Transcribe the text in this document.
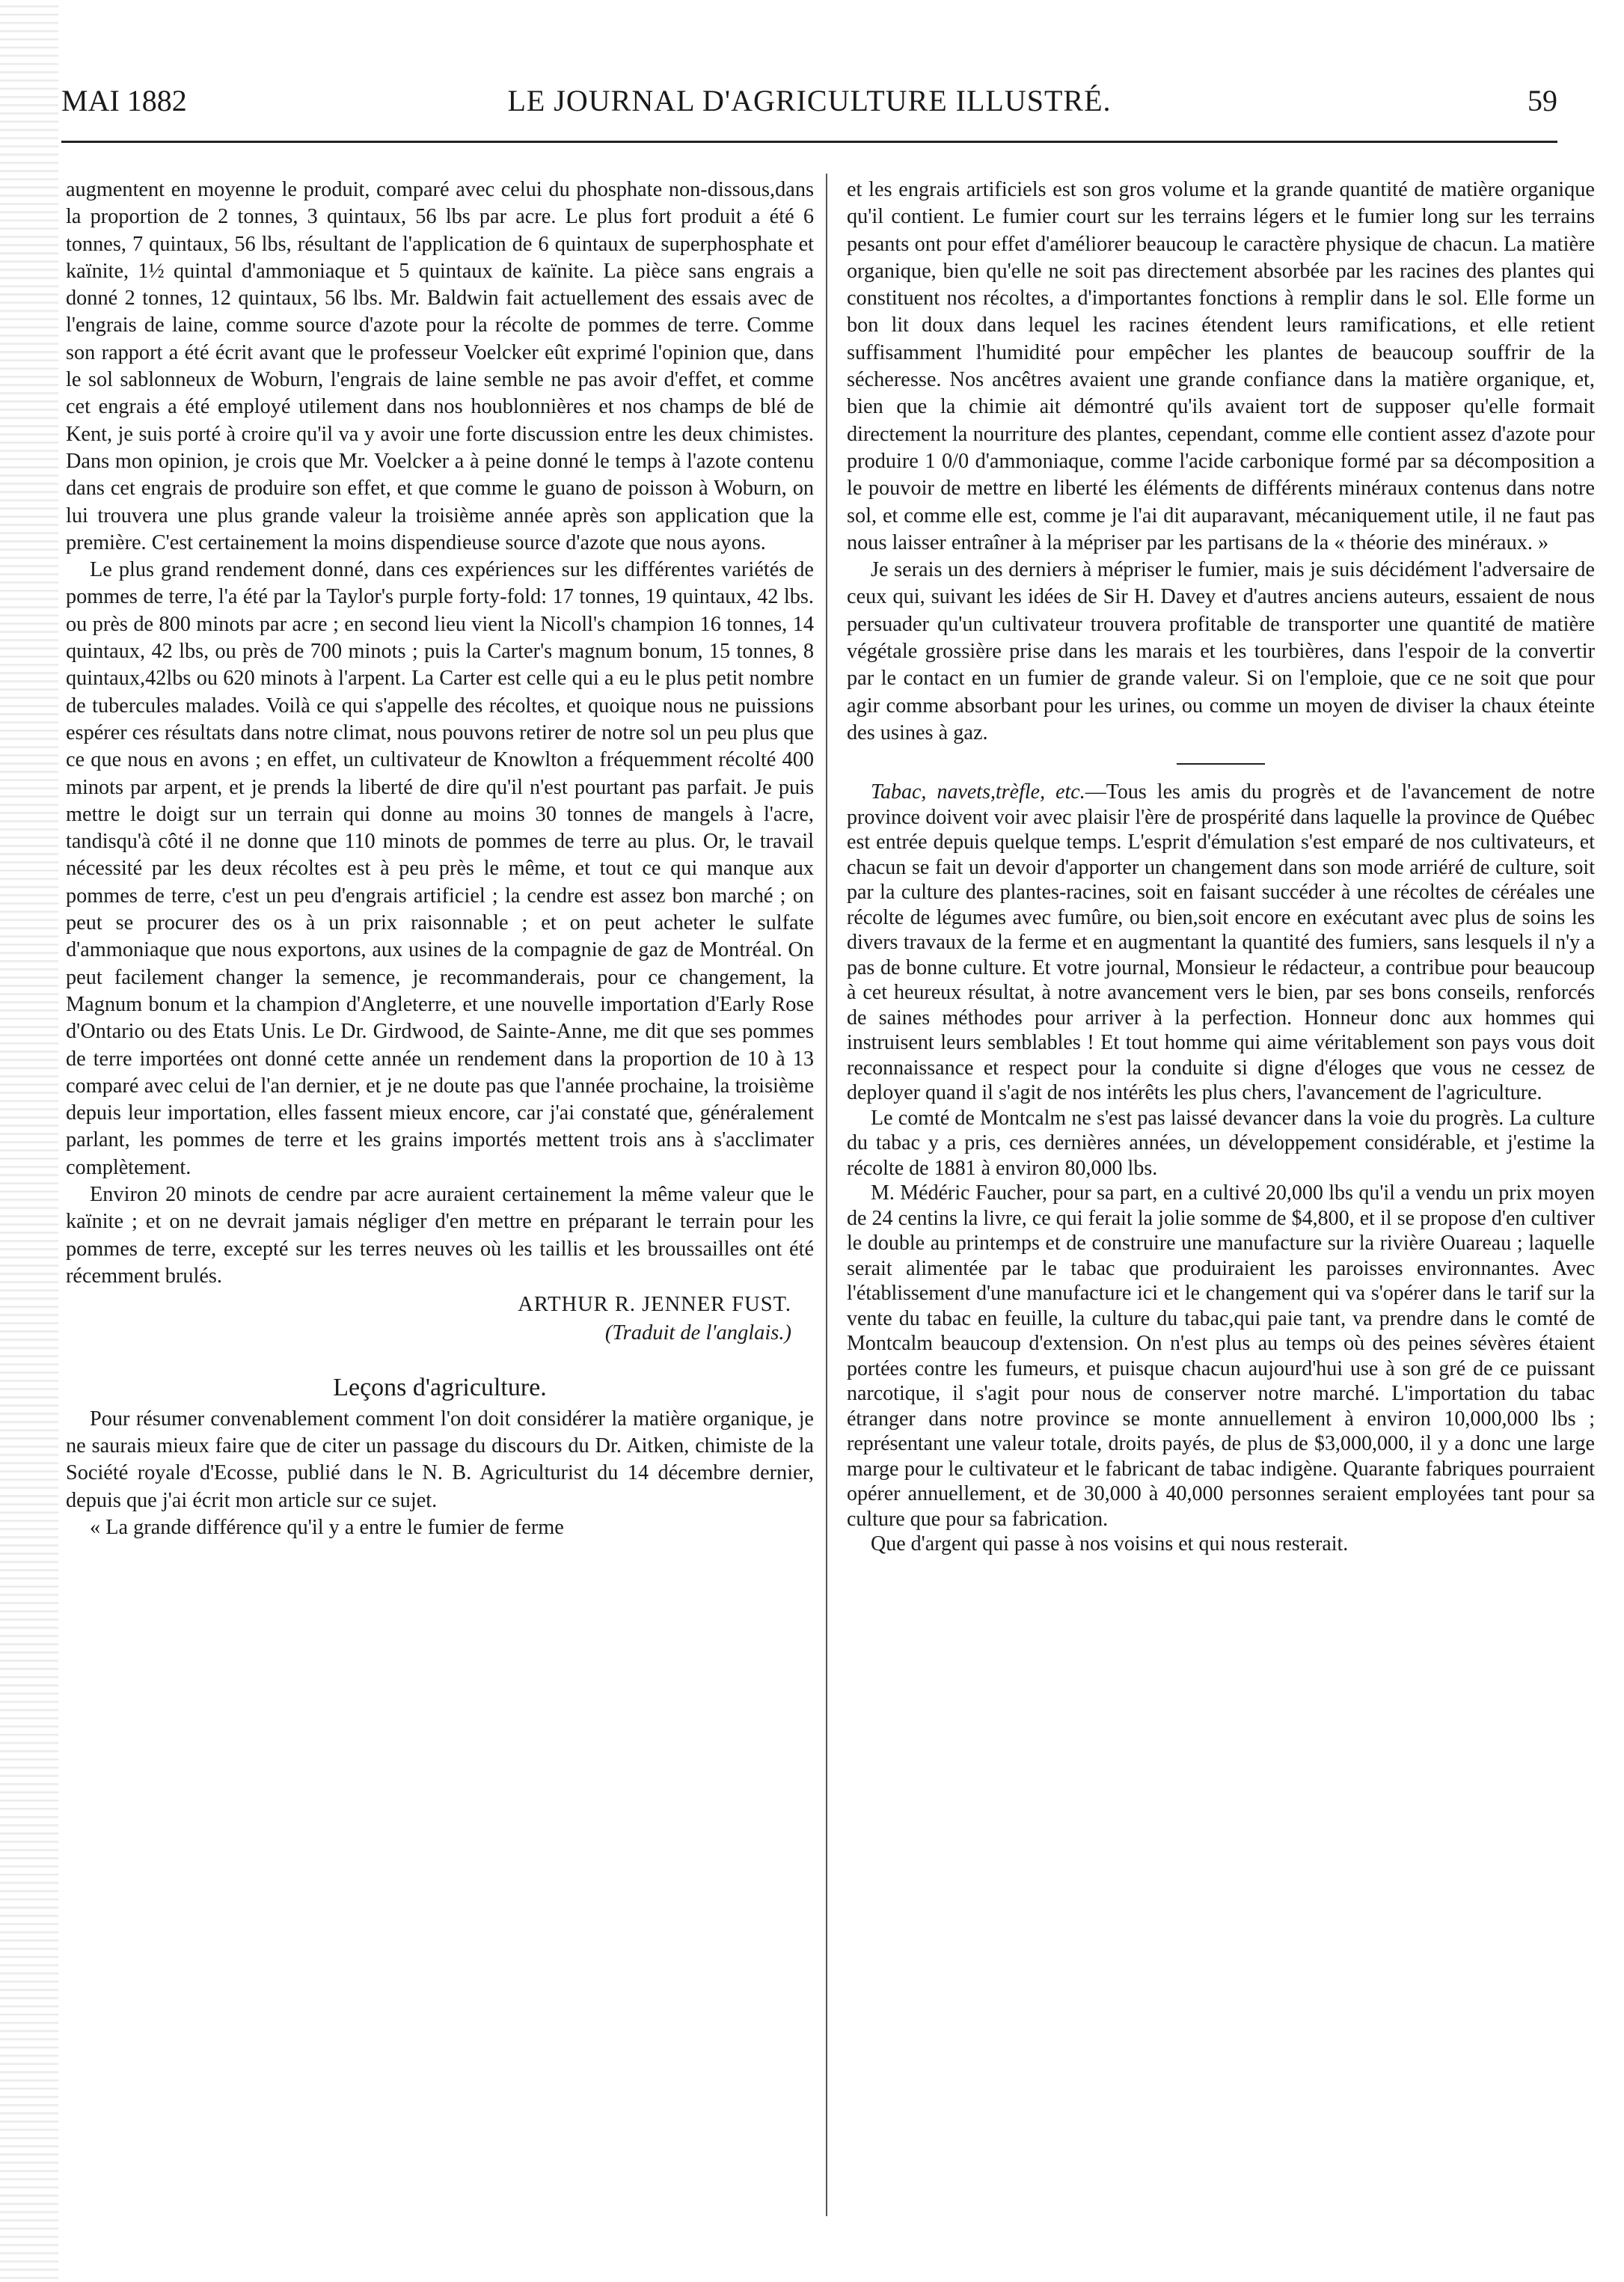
MAI 1882	LE JOURNAL D'AGRICULTURE ILLUSTRÉ.	59

augmentent en moyenne le produit, comparé avec celui du phosphate non-dissous,dans la proportion de 2 tonnes, 3 quintaux, 56 lbs par acre. Le plus fort produit a été 6 tonnes, 7 quintaux, 56 lbs, résultant de l'application de 6 quintaux de superphosphate et kaïnite, 1½ quintal d'ammoniaque et 5 quintaux de kaïnite. La pièce sans engrais a donné 2 tonnes, 12 quintaux, 56 lbs. Mr. Baldwin fait actuellement des essais avec de l'engrais de laine, comme source d'azote pour la récolte de pommes de terre. Comme son rapport a été écrit avant que le professeur Voelcker eût exprimé l'opinion que, dans le sol sablonneux de Woburn, l'engrais de laine semble ne pas avoir d'effet, et comme cet engrais a été employé utilement dans nos houblonnières et nos champs de blé de Kent, je suis porté à croire qu'il va y avoir une forte discussion entre les deux chimistes. Dans mon opinion, je crois que Mr. Voelcker a à peine donné le temps à l'azote contenu dans cet engrais de produire son effet, et que comme le guano de poisson à Woburn, on lui trouvera une plus grande valeur la troisième année après son application que la première. C'est certainement la moins dispendieuse source d'azote que nous ayons.

Le plus grand rendement donné, dans ces expériences sur les différentes variétés de pommes de terre, l'a été par la Taylor's purple forty-fold: 17 tonnes, 19 quintaux, 42 lbs. ou près de 800 minots par acre ; en second lieu vient la Nicoll's champion 16 tonnes, 14 quintaux, 42 lbs, ou près de 700 minots ; puis la Carter's magnum bonum, 15 tonnes, 8 quintaux,42lbs ou 620 minots à l'arpent. La Carter est celle qui a eu le plus petit nombre de tubercules malades. Voilà ce qui s'appelle des récoltes, et quoique nous ne puissions espérer ces résultats dans notre climat, nous pouvons retirer de notre sol un peu plus que ce que nous en avons ; en effet, un cultivateur de Knowlton a fréquemment récolté 400 minots par arpent, et je prends la liberté de dire qu'il n'est pourtant pas parfait. Je puis mettre le doigt sur un terrain qui donne au moins 30 tonnes de mangels à l'acre, tandisqu'à côté il ne donne que 110 minots de pommes de terre au plus. Or, le travail nécessité par les deux récoltes est à peu près le même, et tout ce qui manque aux pommes de terre, c'est un peu d'engrais artificiel ; la cendre est assez bon marché ; on peut se procurer des os à un prix raisonnable ; et on peut acheter le sulfate d'ammoniaque que nous exportons, aux usines de la compagnie de gaz de Montréal. On peut facilement changer la semence, je recommanderais, pour ce changement, la Magnum bonum et la champion d'Angleterre, et une nouvelle importation d'Early Rose d'Ontario ou des Etats Unis. Le Dr. Girdwood, de Sainte-Anne, me dit que ses pommes de terre importées ont donné cette année un rendement dans la proportion de 10 à 13 comparé avec celui de l'an dernier, et je ne doute pas que l'année prochaine, la troisième depuis leur importation, elles fassent mieux encore, car j'ai constaté que, généralement parlant, les pommes de terre et les grains importés mettent trois ans à s'acclimater complètement.

Environ 20 minots de cendre par acre auraient certainement la même valeur que le kaïnite ; et on ne devrait jamais négliger d'en mettre en préparant le terrain pour les pommes de terre, excepté sur les terres neuves où les taillis et les broussailles ont été récemment brulés.

ARTHUR R. JENNER FUST.
(Traduit de l'anglais.)
Leçons d'agriculture.

Pour résumer convenablement comment l'on doit considérer la matière organique, je ne saurais mieux faire que de citer un passage du discours du Dr. Aitken, chimiste de la Société royale d'Ecosse, publié dans le N. B. Agriculturist du 14 décembre dernier, depuis que j'ai écrit mon article sur ce sujet.

« La grande différence qu'il y a entre le fumier de ferme

et les engrais artificiels est son gros volume et la grande quantité de matière organique qu'il contient. Le fumier court sur les terrains légers et le fumier long sur les terrains pesants ont pour effet d'améliorer beaucoup le caractère physique de chacun. La matière organique, bien qu'elle ne soit pas directement absorbée par les racines des plantes qui constituent nos récoltes, a d'importantes fonctions à remplir dans le sol. Elle forme un bon lit doux dans lequel les racines étendent leurs ramifications, et elle retient suffisamment l'humidité pour empêcher les plantes de beaucoup souffrir de la sécheresse. Nos ancêtres avaient une grande confiance dans la matière organique, et, bien que la chimie ait démontré qu'ils avaient tort de supposer qu'elle formait directement la nourriture des plantes, cependant, comme elle contient assez d'azote pour produire 1 0/0 d'ammoniaque, comme l'acide carbonique formé par sa décomposition a le pouvoir de mettre en liberté les éléments de différents minéraux contenus dans notre sol, et comme elle est, comme je l'ai dit auparavant, mécaniquement utile, il ne faut pas nous laisser entraîner à la mépriser par les partisans de la « théorie des minéraux. »

Je serais un des derniers à mépriser le fumier, mais je suis décidément l'adversaire de ceux qui, suivant les idées de Sir H. Davey et d'autres anciens auteurs, essaient de nous persuader qu'un cultivateur trouvera profitable de transporter une quantité de matière végétale grossière prise dans les marais et les tourbières, dans l'espoir de la convertir par le contact en un fumier de grande valeur. Si on l'emploie, que ce ne soit que pour agir comme absorbant pour les urines, ou comme un moyen de diviser la chaux éteinte des usines à gaz.

Tabac, navets,trèfle, etc.—Tous les amis du progrès et de l'avancement de notre province doivent voir avec plaisir l'ère de prospérité dans laquelle la province de Québec est entrée depuis quelque temps. L'esprit d'émulation s'est emparé de nos cultivateurs, et chacun se fait un devoir d'apporter un changement dans son mode arriéré de culture, soit par la culture des plantes-racines, soit en faisant succéder à une récoltes de céréales une récolte de légumes avec fumûre, ou bien,soit encore en exécutant avec plus de soins les divers travaux de la ferme et en augmentant la quantité des fumiers, sans lesquels il n'y a pas de bonne culture. Et votre journal, Monsieur le rédacteur, a contribue pour beaucoup à cet heureux résultat, à notre avancement vers le bien, par ses bons conseils, renforcés de saines méthodes pour arriver à la perfection. Honneur donc aux hommes qui instruisent leurs semblables ! Et tout homme qui aime véritablement son pays vous doit reconnaissance et respect pour la conduite si digne d'éloges que vous ne cessez de deployer quand il s'agit de nos intérêts les plus chers, l'avancement de l'agriculture.

Le comté de Montcalm ne s'est pas laissé devancer dans la voie du progrès. La culture du tabac y a pris, ces dernières années, un développement considérable, et j'estime la récolte de 1881 à environ 80,000 lbs.

M. Médéric Faucher, pour sa part, en a cultivé 20,000 lbs qu'il a vendu un prix moyen de 24 centins la livre, ce qui ferait la jolie somme de $4,800, et il se propose d'en cultiver le double au printemps et de construire une manufacture sur la rivière Ouareau ; laquelle serait alimentée par le tabac que produiraient les paroisses environnantes. Avec l'établissement d'une manufacture ici et le changement qui va s'opérer dans le tarif sur la vente du tabac en feuille, la culture du tabac,qui paie tant, va prendre dans le comté de Montcalm beaucoup d'extension. On n'est plus au temps où des peines sévères étaient portées contre les fumeurs, et puisque chacun aujourd'hui use à son gré de ce puissant narcotique, il s'agit pour nous de conserver notre marché. L'importation du tabac étranger dans notre province se monte annuellement à environ 10,000,000 lbs ; représentant une valeur totale, droits payés, de plus de $3,000,000, il y a donc une large marge pour le cultivateur et le fabricant de tabac indigène. Quarante fabriques pourraient opérer annuellement, et de 30,000 à 40,000 personnes seraient employées tant pour sa culture que pour sa fabrication.

Que d'argent qui passe à nos voisins et qui nous resterait.
